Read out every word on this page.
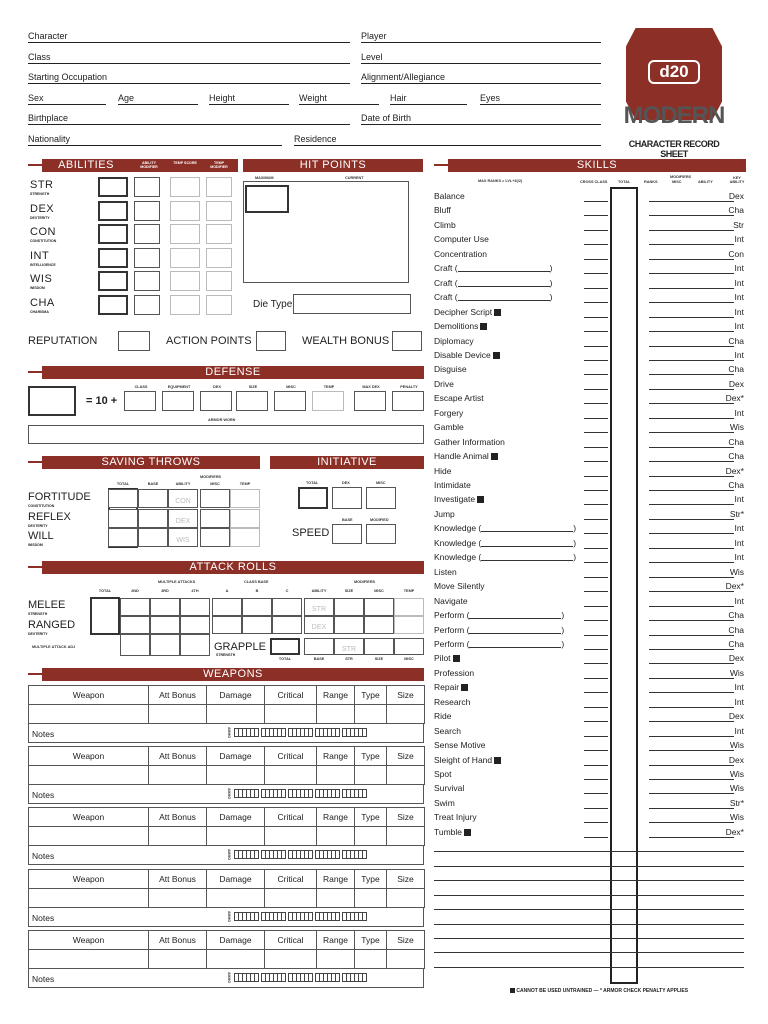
Character	Player
Class	Level
Starting Occupation	Alignment/Allegiance
Sex	Age	Height	Weight	Hair	Eyes
Birthplace	Date of Birth
Nationality	Residence
d20
MODERN
CHARACTER RECORD SHEET
ABILITIES	ABILITY MODIFIER
TEMP SCORE	TEMP MODIFIER
STR
STRENGTH
DEX
DEXTERITY
CON
CONSTITUTION
INT
INTELLIGENCE
WIS
WISDOM
CHA
CHARISMA
HIT POINTS
MAXIMUM	CURRENT
Die Type
REPUTATION	ACTION POINTS	WEALTH BONUS
DEFENSE
= 10 +
CLASS	EQUIPMENT	DEX	SIZE	MISC	TEMP	MAX DEX	PENALTY
ARMOR WORN
SAVING THROWS
MODIFIERS
TOTAL	BASE	ABILITY	MISC	TEMP
FORTITUDE
CONSTITUTION
CON
REFLEX
DEXTERITY
DEX
WILL
WISDOM
WIS
INITIATIVE
TOTAL	DEX	MISC
SPEED
BASE	MODIFIED
ATTACK ROLLS
MULTIPLE ATTACKS	CLASS BASE	MODIFIERS
TOTAL	2ND	3RD	4TH	A	B	C	ABILITY	SIZE	MISC	TEMP
STR
DEX
MELEE
STRENGTH
RANGED
DEXTERITY
MULTIPLE ATTACK ADJ	GRAPPLE
STRENGTH
STR
TOTAL	BASE	STR	SIZE	MISC
WEAPONS
Weapon	Att Bonus	Damage	Critical	Range	Type	Size
Notes	AMMO
Weapon	Att Bonus	Damage	Critical	Range	Type	Size
Notes	AMMO
Weapon	Att Bonus	Damage	Critical	Range	Type	Size
Notes	AMMO
Weapon	Att Bonus	Damage	Critical	Range	Type	Size
Notes	AMMO
Weapon	Att Bonus	Damage	Critical	Range	Type	Size
Notes	AMMO
SKILLS
MAX RANKS = LVL+3(/2)
MODIFIERS
CROSS CLASS	TOTAL	RANKS	MISC	ABILITY
KEY ABILITY
Balance	Dex
Bluff	Cha
Climb	Str
Computer Use	Int
Concentration	Con
Craft (	)	Int
Craft (	)	Int
Craft (	)	Int
Decipher Script	Int
Demolitions	Int
Diplomacy	Cha
Disable Device	Int
Disguise	Cha
Drive	Dex
Escape Artist	Dex*
Forgery	Int
Gamble	Wis
Gather Information	Cha
Handle Animal	Cha
Hide	Dex*
Intimidate	Cha
Investigate	Int
Jump	Str*
Knowledge (	)	Int
Knowledge (	)	Int
Knowledge (	)	Int
Listen	Wis
Move Silently	Dex*
Navigate	Int
Perform (	)	Cha
Perform (	)	Cha
Perform (	)	Cha
Pilot	Dex
Profession	Wis
Repair	Int
Research	Int
Ride	Dex
Search	Int
Sense Motive	Wis
Sleight of Hand	Dex
Spot	Wis
Survival	Wis
Swim	Str*
Treat Injury	Wis
Tumble	Dex*
CANNOT BE USED UNTRAINED — * ARMOR CHECK PENALTY APPLIES
